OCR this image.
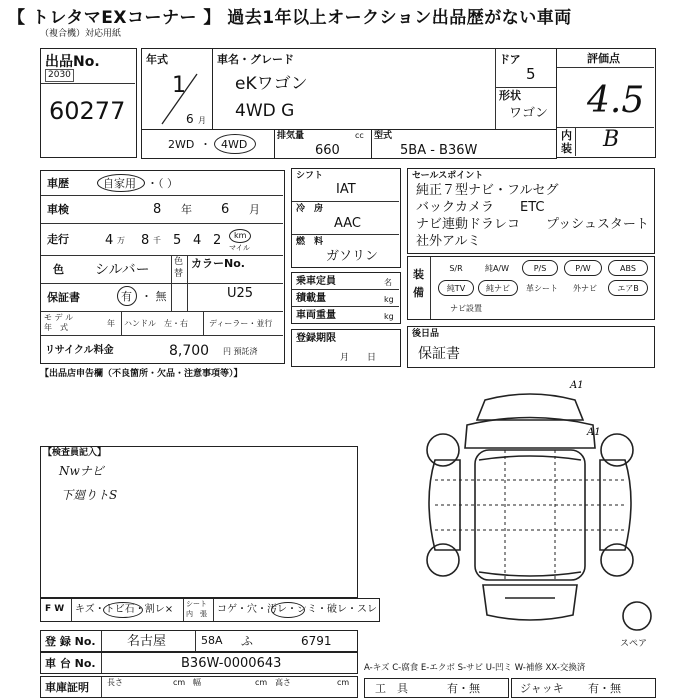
【 トレタマEXコーナー 】 過去1年以上オークション出品歴がない車両
（複合機）対応用紙
出品No.
2030
60277
年式
1
6 月
車名・グレード
eKワゴン
4WD G
ドア
5
形状
ワゴン
評価点
4.5
内
装 B
2WD ・ 4WD
排気量	cc
660
型式
5BA - B36W
車歴	自家用 ・（ ）
車検	8 年 6 月
走行	4 万 8 千 5 4 2 km
マイル
色 シルバー	色
替
カラーNo.
U25
保証書	有 ・ 無
モ デ ル
年　式	年 ハンドル　左・右	ディーラー・並行
リサイクル料金	8,700 円 預託済
シフト
IAT
冷　房
AAC
燃　料
ガソリン
乗車定員	名
積載量	kg
車両重量	kg
登録期限
月　　日
セールスポイント
純正７型ナビ・フルセグ
バックカメラ　　ETC
ナビ連動ドラレコ　　プッシュスタート
社外アルミ
装
備
S/R	純A/W	P/S	P/W	ABS
純TV	純ナビ	革シート	外ナビ	エアB
ナビ設置
後日品
保証書
【出品店申告欄（不良箇所・欠品・注意事項等）】
【検査員記入】
Nwナビ
下廻りトS
A1
A1
スペア
F W キズ・トビ石・割レ× シート
内　張 コゲ・穴・汚レ・シミ・破レ・スレ
登 録 No. 名古屋	58A ふ	6791
車 台 No.	B36W-0000643
車庫証明 長さ	cm 幅	cm 高さ	cm
A-キズ C-腐食 E-エクボ S-サビ U-凹ミ W-補修 XX-交換済
工　具	有・無	ジャッキ 有・無
